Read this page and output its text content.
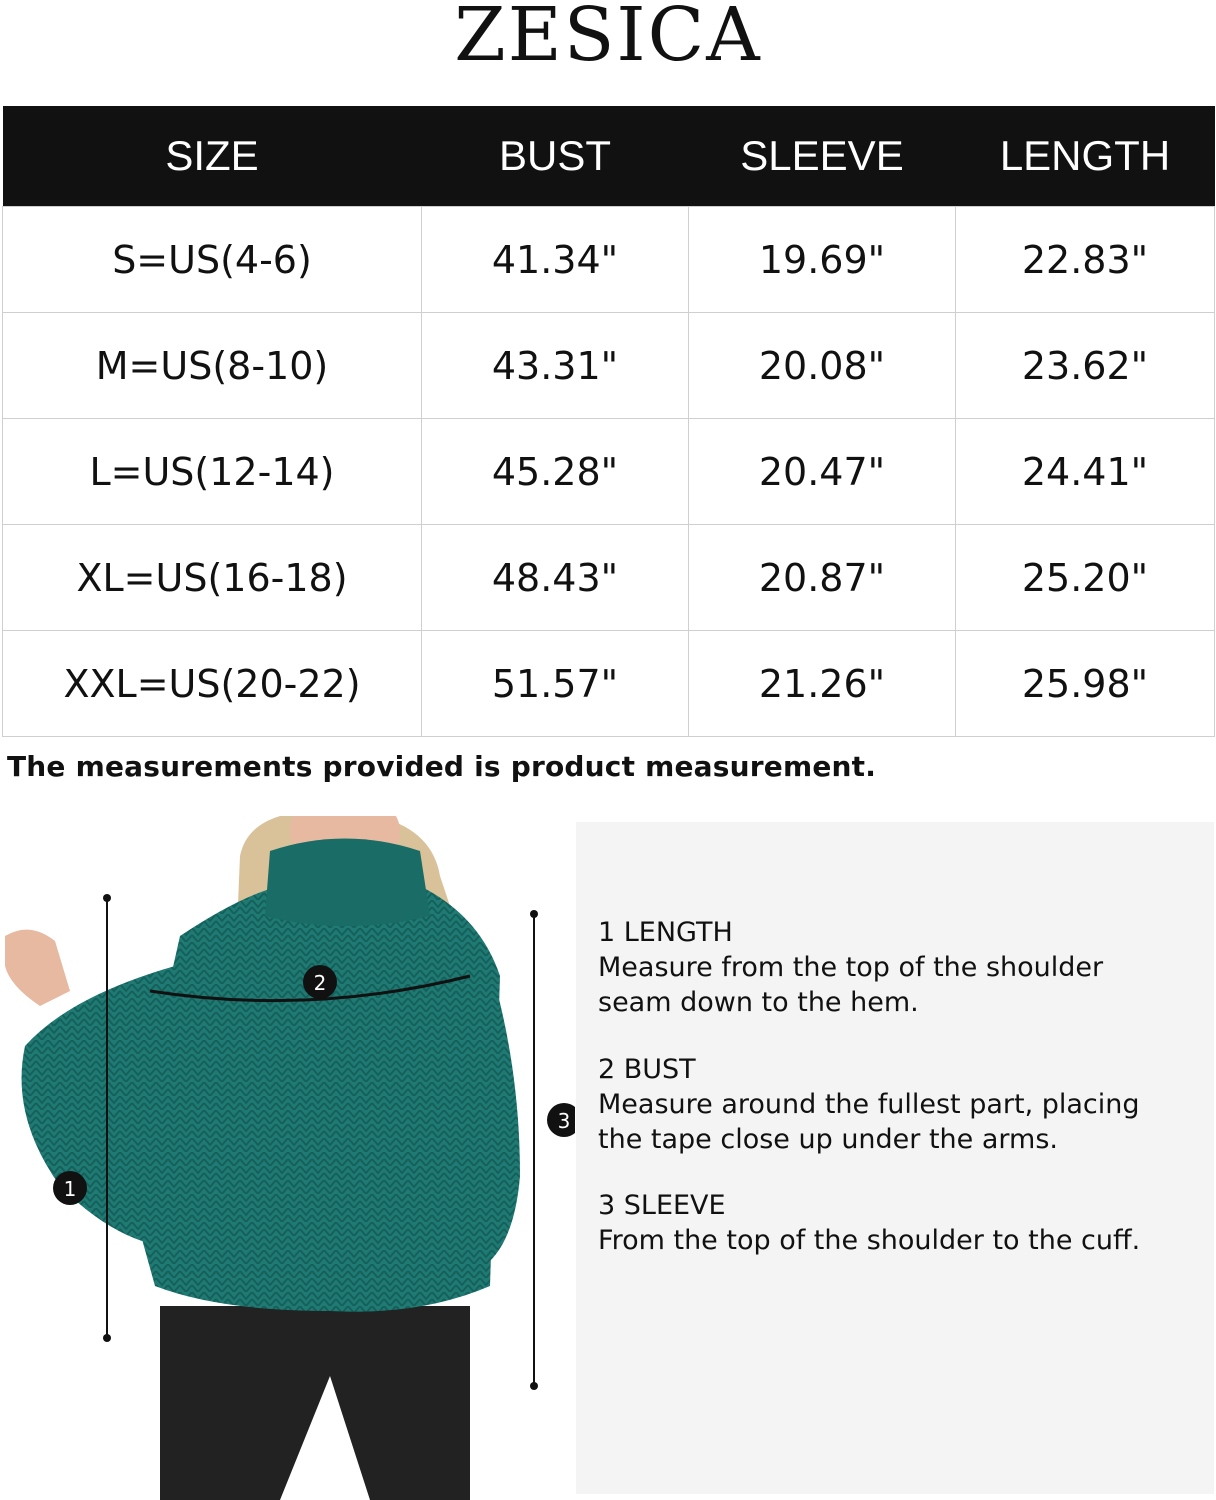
ZESICA
SIZE	BUST	SLEEVE	LENGTH
S=US(4-6)	41.34"	19.69"	22.83"
M=US(8-10)	43.31"	20.08"	23.62"
L=US(12-14)	45.28"	20.47"	24.41"
XL=US(16-18)	48.43"	20.87"	25.20"
XXL=US(20-22)	51.57"	21.26"	25.98"
The measurements provided is product measurement.
1
2
3
1 LENGTH
Measure from the top of the shoulder
seam down to the hem.
2 BUST
Measure around the fullest part, placing
the tape close up under the arms.
3 SLEEVE
From the top of the shoulder to the cuff.
